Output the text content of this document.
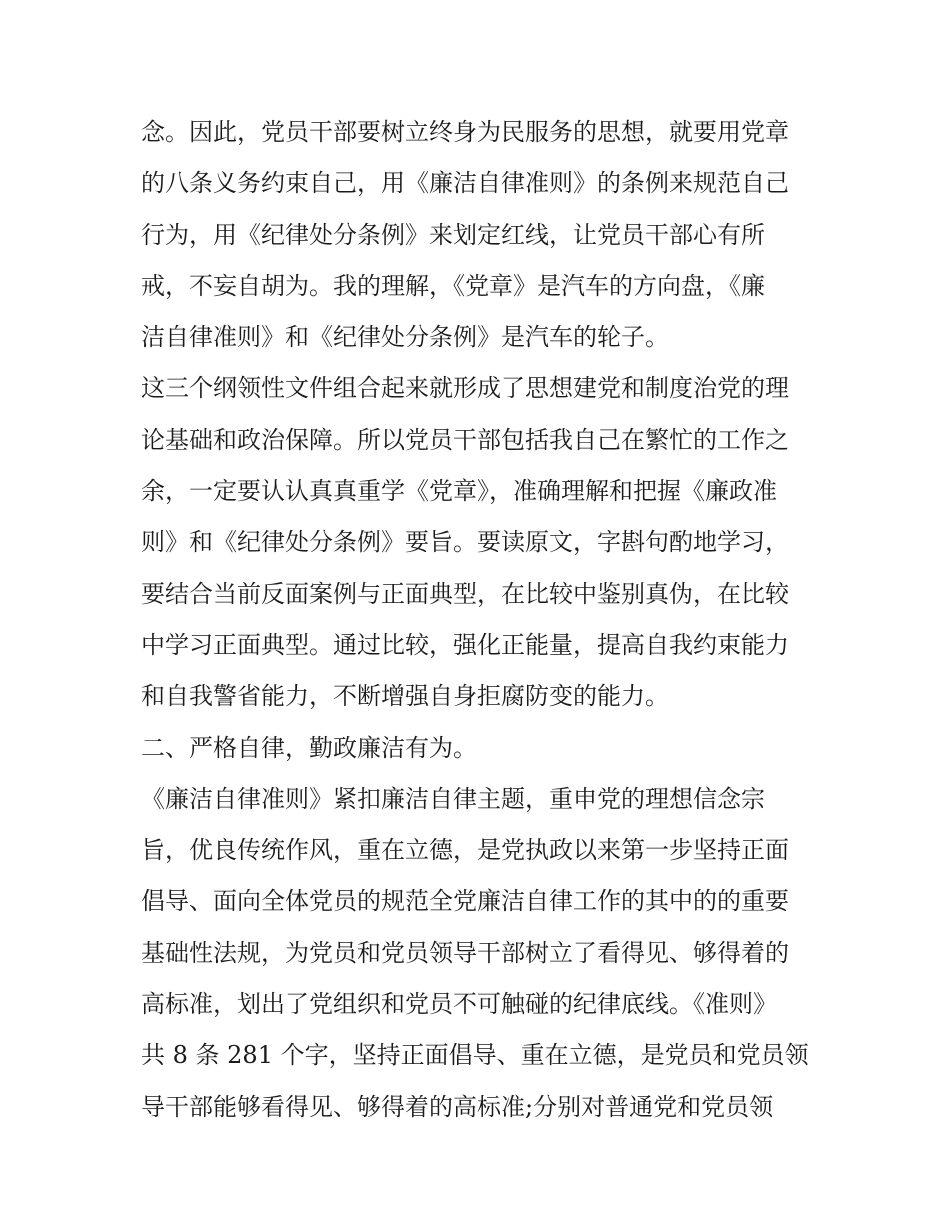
念。因此，党员干部要树立终身为民服务的思想，就要用党章
的八条义务约束自己，用《廉洁自律准则》的条例来规范自己
行为，用《纪律处分条例》来划定红线，让党员干部心有所
戒，不妄自胡为。我的理解，《党章》是汽车的方向盘，《廉
洁自律准则》和《纪律处分条例》是汽车的轮子。
这三个纲领性文件组合起来就形成了思想建党和制度治党的理
论基础和政治保障。所以党员干部包括我自己在繁忙的工作之
余，一定要认认真真重学《党章》，准确理解和把握《廉政准
则》和《纪律处分条例》要旨。要读原文，字斟句酌地学习，
要结合当前反面案例与正面典型，在比较中鉴别真伪，在比较
中学习正面典型。通过比较，强化正能量，提高自我约束能力
和自我警省能力，不断增强自身拒腐防变的能力。
二、严格自律，勤政廉洁有为。
《廉洁自律准则》紧扣廉洁自律主题，重申党的理想信念宗
旨，优良传统作风，重在立德，是党执政以来第一步坚持正面
倡导、面向全体党员的规范全党廉洁自律工作的其中的的重要
基础性法规，为党员和党员领导干部树立了看得见、够得着的
高标准，划出了党组织和党员不可触碰的纪律底线。《准则》
共 8 条 281 个字，坚持正面倡导、重在立德，是党员和党员领
导干部能够看得见、够得着的高标准;分别对普通党和党员领
